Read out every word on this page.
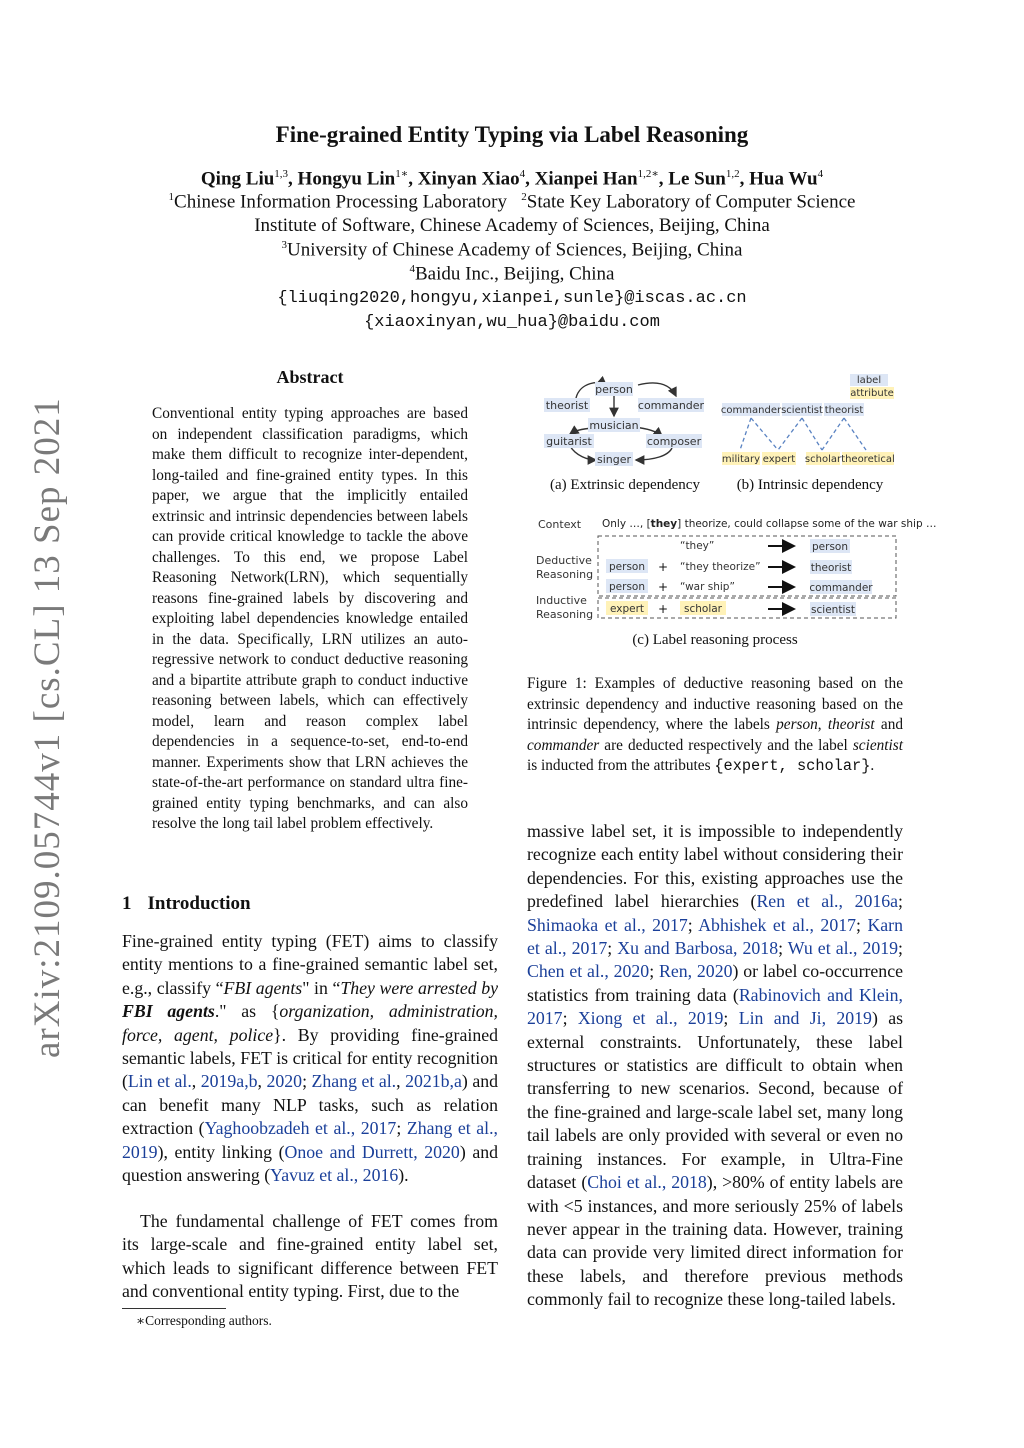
arXiv:2109.05744v1 [cs.CL] 13 Sep 2021
Fine-grained Entity Typing via Label Reasoning
Qing Liu$^{1,3}$, Hongyu Lin$^{1∗}$, Xinyan Xiao$^4$, Xianpei Han$^{1,2∗}$, Le Sun$^{1,2}$, Hua Wu$^4$
$^1$Chinese Information Processing Laboratory $^2$State Key Laboratory of Computer Science
Institute of Software, Chinese Academy of Sciences, Beijing, China
$^3$University of Chinese Academy of Sciences, Beijing, China
$^4$Baidu Inc., Beijing, China
{liuqing2020,hongyu,xianpei,sunle}@iscas.ac.cn
{xiaoxinyan,wu_hua}@baidu.com
Abstract
Conventional entity typing approaches are based on independent classification paradigms, which make them difficult to recognize inter-dependent, long-tailed and fine-grained entity types. In this paper, we argue that the implicitly entailed extrinsic and intrinsic dependencies between labels can provide critical knowledge to tackle the above challenges. To this end, we propose Label Reasoning Network(LRN), which sequentially reasons fine-grained labels by discovering and exploiting label dependencies knowledge entailed in the data. Specifically, LRN utilizes an auto-regressive network to conduct deductive reasoning and a bipartite attribute graph to conduct inductive reasoning between labels, which can effectively model, learn and reason complex label dependencies in a sequence-to-set, end-to-end manner. Experiments show that LRN achieves the state-of-the-art performance on standard ultra fine-grained entity typing benchmarks, and can also resolve the long tail label problem effectively.
1 Introduction
Fine-grained entity typing (FET) aims to classify entity mentions to a fine-grained semantic label set, e.g., classify “FBI agents" in “They were arrested by FBI agents." as {organization, administration, force, agent, police}. By providing fine-grained semantic labels, FET is critical for entity recognition (Lin et al., 2019a,b, 2020; Zhang et al., 2021b,a) and can benefit many NLP tasks, such as relation extraction (Yaghoobzadeh et al., 2017; Zhang et al., 2019), entity linking (Onoe and Durrett, 2020) and question answering (Yavuz et al., 2016).
The fundamental challenge of FET comes from its large-scale and fine-grained entity label set, which leads to significant difference between FET and conventional entity typing. First, due to the
∗Corresponding authors.
massive label set, it is impossible to independently recognize each entity label without considering their dependencies. For this, existing approaches use the predefined label hierarchies (Ren et al., 2016a; Shimaoka et al., 2017; Abhishek et al., 2017; Karn et al., 2017; Xu and Barbosa, 2018; Wu et al., 2019; Chen et al., 2020; Ren, 2020) or label co-occurrence statistics from training data (Rabinovich and Klein, 2017; Xiong et al., 2019; Lin and Ji, 2019) as external constraints. Unfortunately, these label structures or statistics are difficult to obtain when transferring to new scenarios. Second, because of the fine-grained and large-scale label set, many long tail labels are only provided with several or even no training instances. For example, in Ultra-Fine dataset (Choi et al., 2018), >80% of entity labels are with <5 instances, and more seriously 25% of labels never appear in the training data. However, training data can provide very limited direct information for these labels, and therefore previous methods commonly fail to recognize these long-tailed labels.
person
theorist	commander
musician
guitarist	composer
singer
(a) Extrinsic dependency
label
attribute
commander scientist theorist
military expert scholar theoretical
(b) Intrinsic dependency
Context
Deductive
Reasoning
Inductive
Reasoning
Only …, [they] theorize, could collapse some of the war ship …
“they”	person
person + “they theorize”	theorist
person + “war ship”	commander
expert + scholar	scientist
(c) Label reasoning process
Figure 1: Examples of deductive reasoning based on the extrinsic dependency and inductive reasoning based on the intrinsic dependency, where the labels person, theorist and commander are deducted respectively and the label scientist is inducted from the attributes {expert, scholar}.
